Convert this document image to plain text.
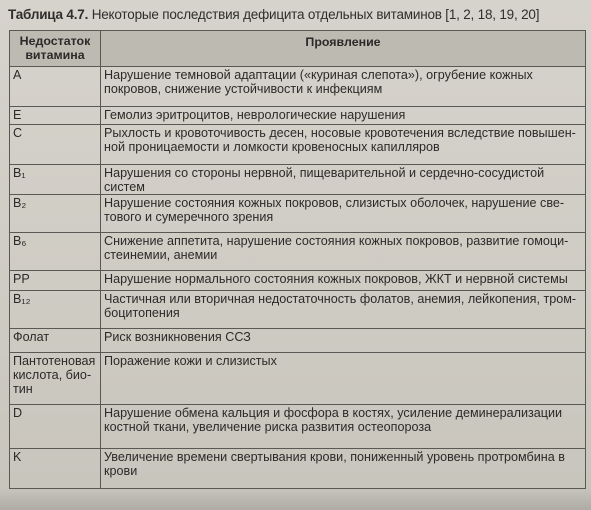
Таблица 4.7. Некоторые последствия дефицита отдельных витаминов [1, 2, 18, 19, 20]
Недостаток витамина	Проявление
A	Нарушение темновой адаптации («куриная слепота»), огрубение кожных покровов, снижение устойчивости к инфекциям
E	Гемолиз эритроцитов, неврологические нарушения
C	Рыхлость и кровоточивость десен, носовые кровотечения вследствие повышен-
ной проницаемости и ломкости кровеносных капилляров
B₁	Нарушения со стороны нервной, пищеварительной и сердечно-сосудистой систем
B₂	Нарушение состояния кожных покровов, слизистых оболочек, нарушение све-
тового и сумеречного зрения
B₆	Снижение аппетита, нарушение состояния кожных покровов, развитие гомоци-
стеинемии, анемии
PP	Нарушение нормального состояния кожных покровов, ЖКТ и нервной системы
B₁₂	Частичная или вторичная недостаточность фолатов, анемия, лейкопения, тром-
боцитопения
Фолат	Риск возникновения ССЗ
Пантотеновая
кислота, био-
тин	Поражение кожи и слизистых
D	Нарушение обмена кальция и фосфора в костях, усиление деминерализации
костной ткани, увеличение риска развития остеопороза
K	Увеличение времени свертывания крови, пониженный уровень протромбина в
крови
